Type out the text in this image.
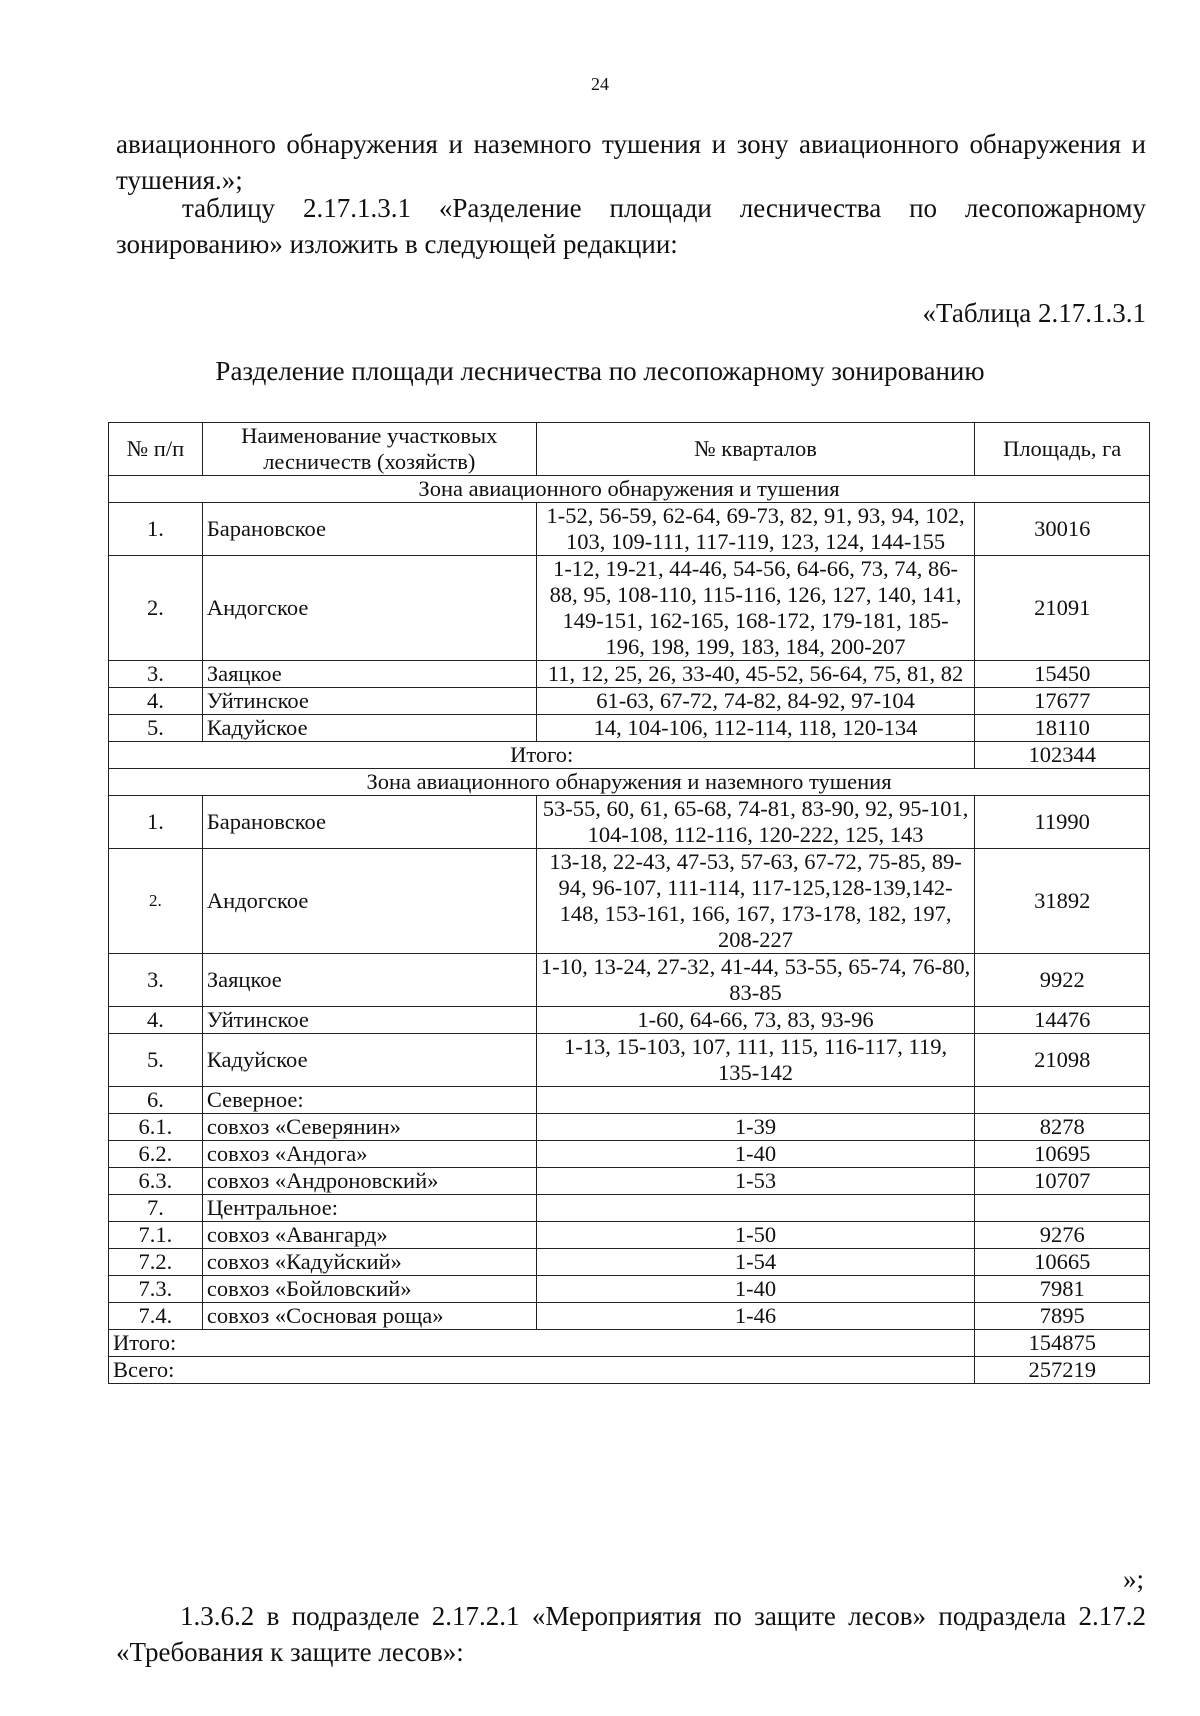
24
авиационного обнаружения и наземного тушения и зону авиационного обнаружения и тушения.»;
таблицу 2.17.1.3.1 «Разделение площади лесничества по лесопожарному зонированию» изложить в следующей редакции:
«Таблица 2.17.1.3.1
Разделение площади лесничества по лесопожарному зонированию
№ п/п	Наименование участковых лесничеств (хозяйств)	№ кварталов	Площадь, га
Зона авиационного обнаружения и тушения			
1.	Барановское	1-52, 56-59, 62-64, 69-73, 82, 91, 93, 94, 102, 103, 109-111, 117-119, 123, 124, 144-155	30016
2.	Андогское	1-12, 19-21, 44-46, 54-56, 64-66, 73, 74, 86-88, 95, 108-110, 115-116, 126, 127, 140, 141, 149-151, 162-165, 168-172, 179-181, 185- 196, 198, 199, 183, 184, 200-207	21091
3.	Заяцкое	11, 12, 25, 26, 33-40, 45-52, 56-64, 75, 81, 82	15450
4.	Уйтинское	61-63, 67-72, 74-82, 84-92, 97-104	17677
5.	Кадуйское	14, 104-106, 112-114, 118, 120-134	18110
Итого:			102344
Зона авиационного обнаружения и наземного тушения			
1.	Барановское	53-55, 60, 61, 65-68, 74-81, 83-90, 92, 95-101, 104-108, 112-116, 120-222, 125, 143	11990
2.	Андогское	13-18, 22-43, 47-53, 57-63, 67-72, 75-85, 89-94, 96-107, 111-114, 117-125,128-139,142-148, 153-161, 166, 167, 173-178, 182, 197, 208-227	31892
3.	Заяцкое	1-10, 13-24, 27-32, 41-44, 53-55, 65-74, 76-80, 83-85	9922
4.	Уйтинское	1-60, 64-66, 73, 83, 93-96	14476
5.	Кадуйское	1-13, 15-103, 107, 111, 115, 116-117, 119, 135-142	21098
6.	Северное:		
6.1.	совхоз «Северянин»	1-39	8278
6.2.	совхоз «Андога»	1-40	10695
6.3.	совхоз «Андроновский»	1-53	10707
7.	Центральное:		
7.1.	совхоз «Авангард»	1-50	9276
7.2.	совхоз «Кадуйский»	1-54	10665
7.3.	совхоз «Бойловский»	1-40	7981
7.4.	совхоз «Сосновая роща»	1-46	7895
Итого:			154875
Всего:			257219
»;
1.3.6.2 в подразделе 2.17.2.1 «Мероприятия по защите лесов» подраздела 2.17.2 «Требования к защите лесов»:
